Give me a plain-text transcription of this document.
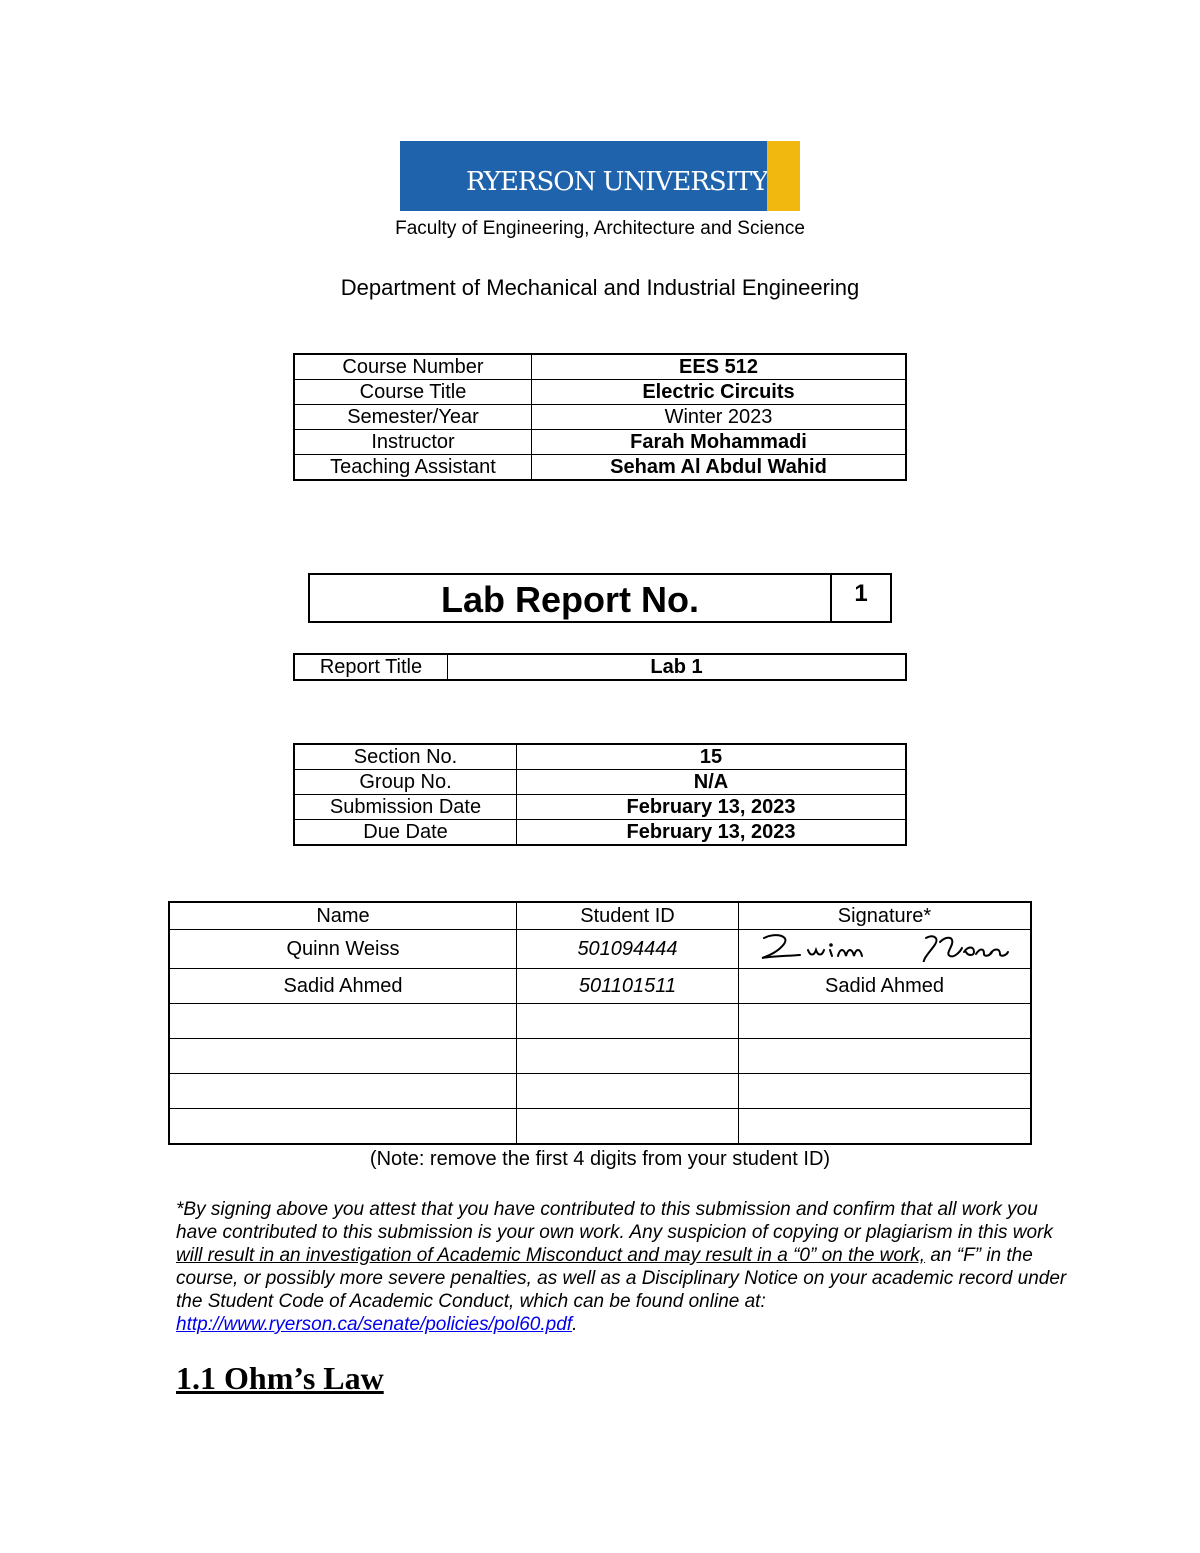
RYERSON UNIVERSITY
Faculty of Engineering, Architecture and Science
Department of Mechanical and Industrial Engineering
Course Number	EES 512
Course Title	Electric Circuits
Semester/Year	Winter 2023
Instructor	Farah Mohammadi
Teaching Assistant	Seham Al Abdul Wahid
Lab Report No.	1
Report Title	Lab 1
Section No.	15
Group No.	N/A
Submission Date	February 13, 2023
Due Date	February 13, 2023
Name	Student ID	Signature*
Quinn Weiss	501094444	
Sadid Ahmed	501101511	Sadid Ahmed

(Note: remove the first 4 digits from your student ID)
*By signing above you attest that you have contributed to this submission and confirm that all work you have contributed to this submission is your own work. Any suspicion of copying or plagiarism in this work will result in an investigation of Academic Misconduct and may result in a “0” on the work, an “F” in the course, or possibly more severe penalties, as well as a Disciplinary Notice on your academic record under the Student Code of Academic Conduct, which can be found online at: http://www.ryerson.ca/senate/policies/pol60.pdf.
1.1 Ohm’s Law
